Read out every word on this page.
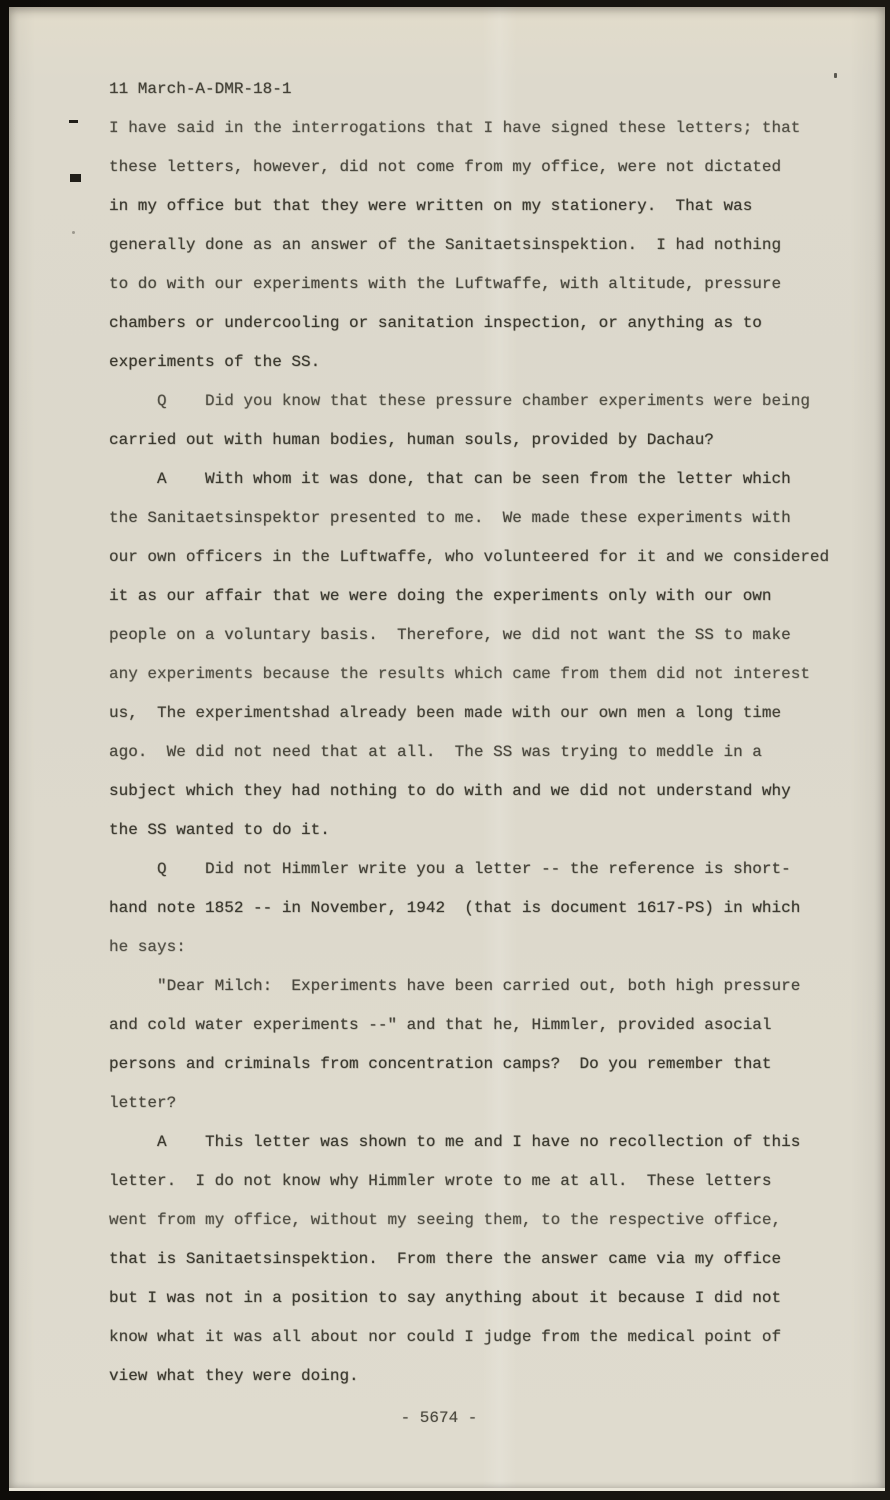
11 March-A-DMR-18-1
I have said in the interrogations that I have signed these letters; that
these letters, however, did not come from my office, were not dictated
in my office but that they were written on my stationery.  That was
generally done as an answer of the Sanitaetsinspektion.  I had nothing
to do with our experiments with the Luftwaffe, with altitude, pressure
chambers or undercooling or sanitation inspection, or anything as to
experiments of the SS.
Q    Did you know that these pressure chamber experiments were being
carried out with human bodies, human souls, provided by Dachau?
A    With whom it was done, that can be seen from the letter which
the Sanitaetsinspektor presented to me.  We made these experiments with
our own officers in the Luftwaffe, who volunteered for it and we considered
it as our affair that we were doing the experiments only with our own
people on a voluntary basis.  Therefore, we did not want the SS to make
any experiments because the results which came from them did not interest
us,  The experimentshad already been made with our own men a long time
ago.  We did not need that at all.  The SS was trying to meddle in a
subject which they had nothing to do with and we did not understand why
the SS wanted to do it.
Q    Did not Himmler write you a letter -- the reference is short-
hand note 1852 -- in November, 1942  (that is document 1617-PS) in which
he says:
"Dear Milch:  Experiments have been carried out, both high pressure
and cold water experiments --" and that he, Himmler, provided asocial
persons and criminals from concentration camps?  Do you remember that
letter?
A    This letter was shown to me and I have no recollection of this
letter.  I do not know why Himmler wrote to me at all.  These letters
went from my office, without my seeing them, to the respective office,
that is Sanitaetsinspektion.  From there the answer came via my office
but I was not in a position to say anything about it because I did not
know what it was all about nor could I judge from the medical point of
view what they were doing.
- 5674 -
